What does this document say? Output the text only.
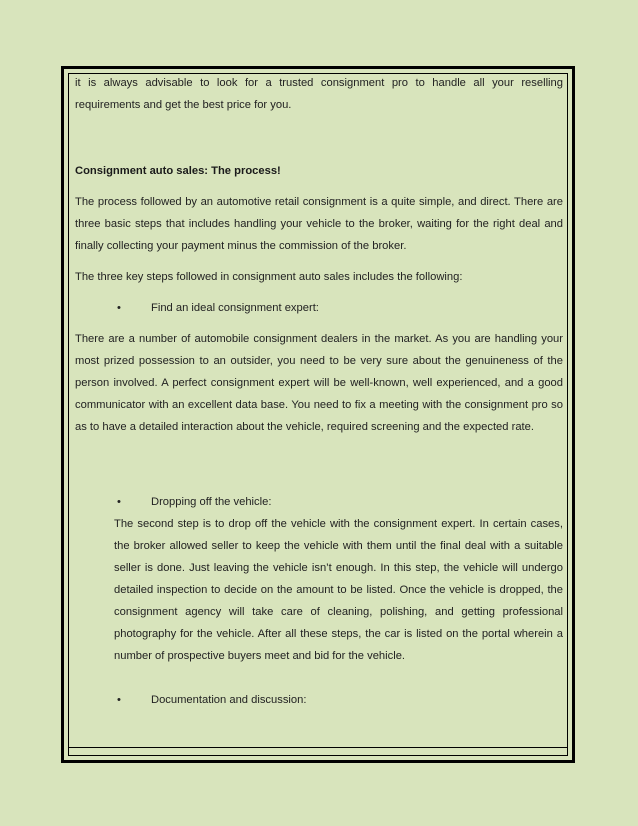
it is always advisable to look for a trusted consignment pro to handle all your reselling requirements and get the best price for you.

Consignment auto sales: The process!

The process followed by an automotive retail consignment is a quite simple, and direct. There are three basic steps that includes handling your vehicle to the broker, waiting for the right deal and finally collecting your payment minus the commission of the broker.

The three key steps followed in consignment auto sales includes the following:

•	Find an ideal consignment expert:

There are a number of automobile consignment dealers in the market. As you are handling your most prized possession to an outsider, you need to be very sure about the genuineness of the person involved. A perfect consignment expert will be well-known, well experienced, and a good communicator with an excellent data base. You need to fix a meeting with the consignment pro so as to have a detailed interaction about the vehicle, required screening and the expected rate.

•	Dropping off the vehicle:

The second step is to drop off the vehicle with the consignment expert. In certain cases, the broker allowed seller to keep the vehicle with them until the final deal with a suitable seller is done. Just leaving the vehicle isn’t enough. In this step, the vehicle will undergo detailed inspection to decide on the amount to be listed. Once the vehicle is dropped, the consignment agency will take care of cleaning, polishing, and getting professional photography for the vehicle. After all these steps, the car is listed on the portal wherein a number of prospective buyers meet and bid for the vehicle.

•	Documentation and discussion:
